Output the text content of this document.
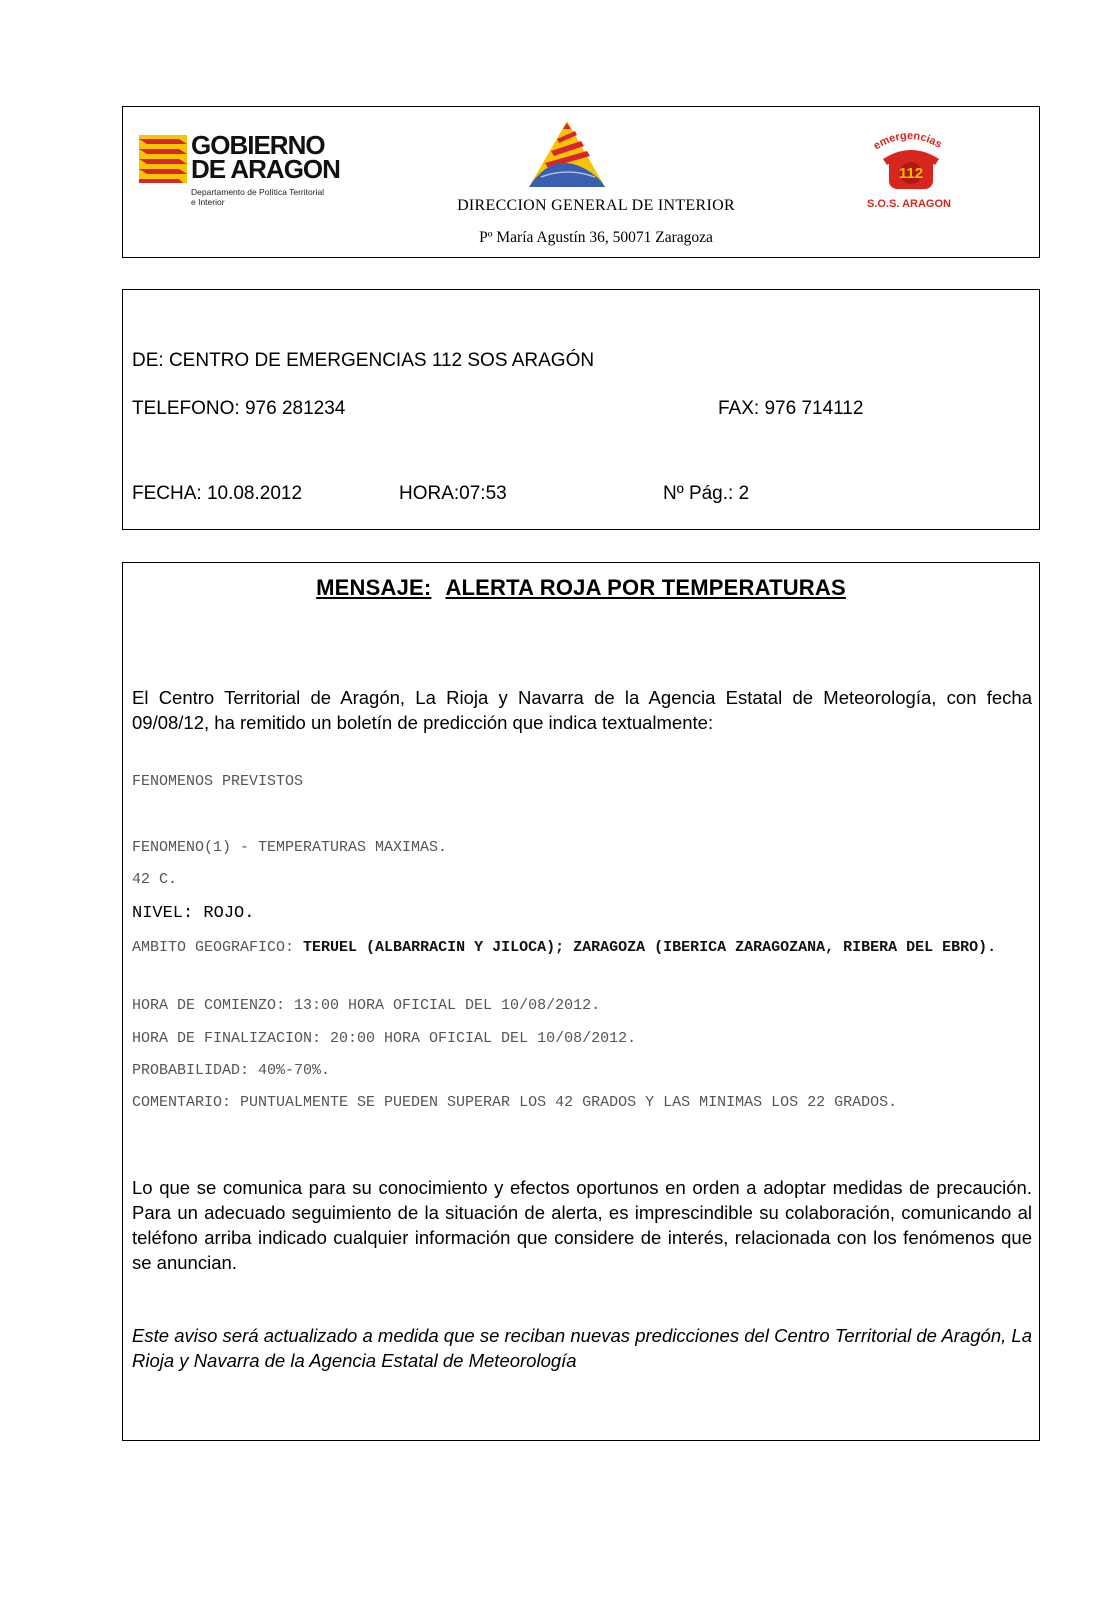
GOBIERNO
DE ARAGON
Departamento de Política Territorial
e Interior	DIRECCION GENERAL DE INTERIOR
Pº María Agustín 36, 50071 Zaragoza
emergencias
112
S.O.S. ARAGON
DE: CENTRO DE EMERGENCIAS 112 SOS ARAGÓN
TELEFONO: 976 281234	FAX: 976 714112
FECHA: 10.08.2012	HORA:07:53	Nº Pág.: 2
MENSAJE: ALERTA ROJA POR TEMPERATURAS
El Centro Territorial de Aragón, La Rioja y Navarra de la Agencia Estatal de Meteorología, con fecha 09/08/12, ha remitido un boletín de predicción que indica textualmente:
FENOMENOS PREVISTOS
FENOMENO(1) - TEMPERATURAS MAXIMAS.
42 C.
NIVEL: ROJO.
AMBITO GEOGRAFICO: TERUEL (ALBARRACIN Y JILOCA); ZARAGOZA (IBERICA ZARAGOZANA, RIBERA DEL EBRO).
HORA DE COMIENZO: 13:00 HORA OFICIAL DEL 10/08/2012.
HORA DE FINALIZACION: 20:00 HORA OFICIAL DEL 10/08/2012.
PROBABILIDAD: 40%-70%.
COMENTARIO: PUNTUALMENTE SE PUEDEN SUPERAR LOS 42 GRADOS Y LAS MINIMAS LOS 22 GRADOS.
Lo que se comunica para su conocimiento y efectos oportunos en orden a adoptar medidas de precaución. Para un adecuado seguimiento de la situación de alerta, es imprescindible su colaboración, comunicando al teléfono arriba indicado cualquier información que considere de interés, relacionada con los fenómenos que se anuncian.
Este aviso será actualizado a medida que se reciban nuevas predicciones del Centro Territorial de Aragón, La Rioja y Navarra de la Agencia Estatal de Meteorología
